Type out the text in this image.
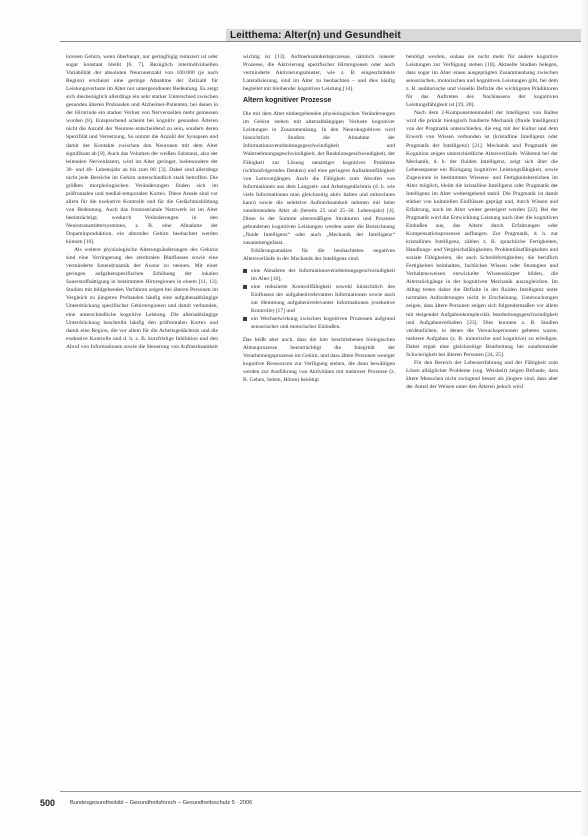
Leitthema: Alter(n) und Gesundheit

lorenen Gehirn, wenn überhaupt, nur geringfügig reduziert ist oder sogar konstant bleibt [6, 7]. Bezüglich interindividuellen Variabilität der absoluten Neuronenzahl von 100.000 (je nach Region) erscheint eine geringe Abnahme der Zellzahl für Leistungsverluste im Alter nur untergeordneter Bedeutung. Es zeigt sich diesbezüglich allerdings ein sehr starker Unterschied zwischen gesunden älteren Probanden und Alzheimer-Patienten, bei denen in der Hirnrinde ein starker Verlust von Nervenzellen mehr gemessen wurden [8]. Entsprechend scheint bei kognitiv gesunden Älteren nicht die Anzahl der Neurone entscheidend zu sein, sondern deren Spezifität und Vernetzung. So nimmt die Anzahl der Synapsen und damit der Kontakte zwischen den Neuronen mit dem Alter signifikant ab [9]. Auch das Volumen der weißen Substanz, also der leitenden Nervenfasern, wird im Alter geringer, insbesondere der 30- und 40- Lebensjahr an bis zum 80. [3]. Dabei sind allerdings nicht jede Bereiche im Gehirn unterschiedlich stark betroffen. Die größten morphologischen Veränderungen finden sich im präfrontalen und medial-temporalen Kortex. Diese Areale sind vor allem für die exekutive Kontrolle und für die Gedächtnisbildung von Bedeutung. Auch das frontostriatale Netzwerk ist im Alter beeinträchtigt, wodurch Veränderungen in den Neurotransmittersystemen, z. B. eine Abnahme der Dopaminproduktion, ein alterndes Gehirn beobachtet werden können [10].

Als weitere physiologische Alterungsänderungen des Gehirns sind eine Verringerung des zerebralen Blutflusses sowie eine verminderte Ionendynamik der Axone zu nennen. Mit einer geringen aufgabenspezifischen Erhöhung der lokalen Sauerstoffsättigung in bestimmten Hirnregionen in einem [11, 12]. Studien mit bildgebenden Verfahren zeigen bei älteren Personen im Vergleich zu jüngeren Probanden häufig eine aufgabenabhängige Unterdrückung spezifischer Gehirnregionen und damit verbunden, eine unterschiedliche kognitive Leistung. Die altersabhängige Unterdrückung beschreibt häufig den präfrontalen Kortex und damit eine Region, die vor allem für die Arbeitsgedächtnis und die exekutive Kontrolle und d. h. z. B. kurzfristige Inhibition und den Abruf von Informationen sowie die Steuerung von Aufmerksamkeit

wichtig ist [13]. Aufmerksamkeitsprozesse, nämlich innerer Prozesse, die Aktivierung spezifischer Hirnregionen oder auch verminderte Aktivierungsmuster, wie z. B. eingeschränkte Lateralisierung, sind im Alter zu beobachten – und dies häufig begleitet mit bleibender kognitiver Leistung [14].

Altern kognitiver Prozesse

Die mit dem Alter einhergehenden physiologischen Veränderungen im Gehirn stehen mit altersabhängigen Verluste kognitiver Leistungen in Zusammenhang. In den Neurokognitiven wird hinsichtlich Studien die Abnahme der Informationsverarbeitungsgeschwindigkeit und Wahrnehmungsgeschwindigkeit, der Reaktionsgeschwindigkeit, der Fähigkeit zur Lösung neuartiger kognitiver Probleme (schlussfolgerndes Denken) und eine geringere Aufnahmefähigkeit von Lernvorgängen. Auch die Fähigkeit zum Abrufen von Informationen aus dem Langzeit- und Arbeitsgedächtnis (d. h. wie viele Informationen man gleichzeitig aktiv halten und mitrechnen kann) sowie die selektive Aufmerksamkeit nehmen mit beim zunehmendem Alter ab (bereits 25 und 25–30. Lebensjahr) [4]. Diese in der Summe altersmäßigen Strukturen und Prozesse gebundenen kognitiven Leistungen werden unter die Bezeichnung „fluide Intelligenz“ oder auch „Mechanik der Intelligenz“ zusammengefasst.

Erklärungsansätze für die beobachteten negativen Altersverläufe in der Mechanik der Intelligenz sind:

eine Abnahme der Informationsverarbeitungsgeschwindigkeit im Alter [16],
eine reduzierte Kontrollfähigkeit sowohl hinsichtlich des Einflusses der aufgabenirrelevanten Informationen sowie auch zur Hemmung aufgabenirrelevanter Informationen (exekutive Kontrolle) [17] und
ein Wechselwirkung zwischen kognitiven Prozessen aufgrund sensorischer und motorischer Einbußen.

Das heißt aber auch, dass die hier beschriebenen biologischen Abbauprozesse beeinträchtigt die Integrität der Verarbeitungsprozesse im Gehirn, und dass ältere Personen weniger kognitive Ressourcen zur Verfügung stehen, die dann bewältigen werden zur Ausführung von Aktivitäten mit mehrerer Prozesse (z. B. Gehen, Sehen, Hören) benötigt

benötigt werden, sodass sie nicht mehr für andere kognitive Leistungen zur Verfügung stehen [18]. Aktuelle Studien belegen, dass sogar im Alter einen ausgeprägten Zusammenhang zwischen sensorischen, motorischen und kognitiven Leistungen gibt, bei dem z. B. auditorische und visuelle Defizite die wichtigsten Prädiktoren für das Auftreten des Nachlassens der kognitiven Leistungsfähigkeit ist [19, 20].

Nach dem 2-Komponentenmodell der Intelligenz von Baltes wird die primär biologisch fundierte Mechanik (fluide Intelligenz) von der Pragmatik unterschieden, die eng mit der Kultur und dem Erwerb von Wissen verbunden ist (kristalline Intelligenz oder Pragmatik der Intelligenz) [21]. Mechanik und Pragmatik der Kognition zeigen unterschiedliche Altersverläufe. Während bei der Mechanik, d. h. der fluiden Intelligenz, zeigt sich über die Lebensspanne ein Rückgang kognitiver Leistungsfähigkeit, sowie Zugewinne in bestimmten Wissens- und Fertigkeitsbereichen im Alter möglich, bleibt die kristalline Intelligenz oder Pragmatik der Intelligenz im Alter weitestgehend stabil. Die Pragmatik ist damit stärker von kulturellen Einflüssen geprägt und, durch Wissen und Erfahrung, noch im Alter weiter gesteigert werden [22]. Bei der Pragmatik wird die Entwicklung Leistung auch über die kognitiven Einbußen aus, das Altern durch Erfahrungen oder Kompensationsprozesse auffangen. Zur Pragmatik, d. h. zur kristallinen Intelligenz, zählen z. B. sprachliche Fertigkeiten, Handlungs- und Vergleichsfähigkeiten, Problemlösefähigkeiten und soziale Fähigkeiten, die auch Schreibfertigkeiten, die beruflich Fertigkeiten beinhalten, fachliches Wissen oder Strategien und Verhaltensweisen entwickelte Wissenskörper bilden, die Altersrückgänge in der kognitiven Mechanik auszugleichen. Im Alltag treten daher die Defizite in der fluiden Intelligenz unter normalen Anforderungen nicht in Erscheinung. Untersuchungen zeigen, dass ältere Personen zeigen sich folgendermaßen vor allem mit steigender Aufgabenkomplexität, bearbeitungsgeschwindigkeit und Aufgabenverhalten [23]. Dies konnten z. B. Studien verdeutlichen, in denen die Versuchspersonen gebeten waren, mehrere Aufgaben (z. B. motorische und kognitive) zu erledigen. Dabei ergab eine gleichzeitige Bearbeitung bei zunehmender Schwierigkeit bei älteren Personen [24, 25].

Für den Bereich der Lebenserfahrung und der Fähigkeit zum Lösen alltäglicher Probleme (sog. Weisheit) zeigen Befunde, dass ältere Menschen nicht zwingend besser als jüngere sind, dass aber der Anteil der Weisen unter den Älteren jedoch wird

500	Bundesgesundheitsbl – Gesundheitsforsch – Gesundheitsschutz 5 · 2006
